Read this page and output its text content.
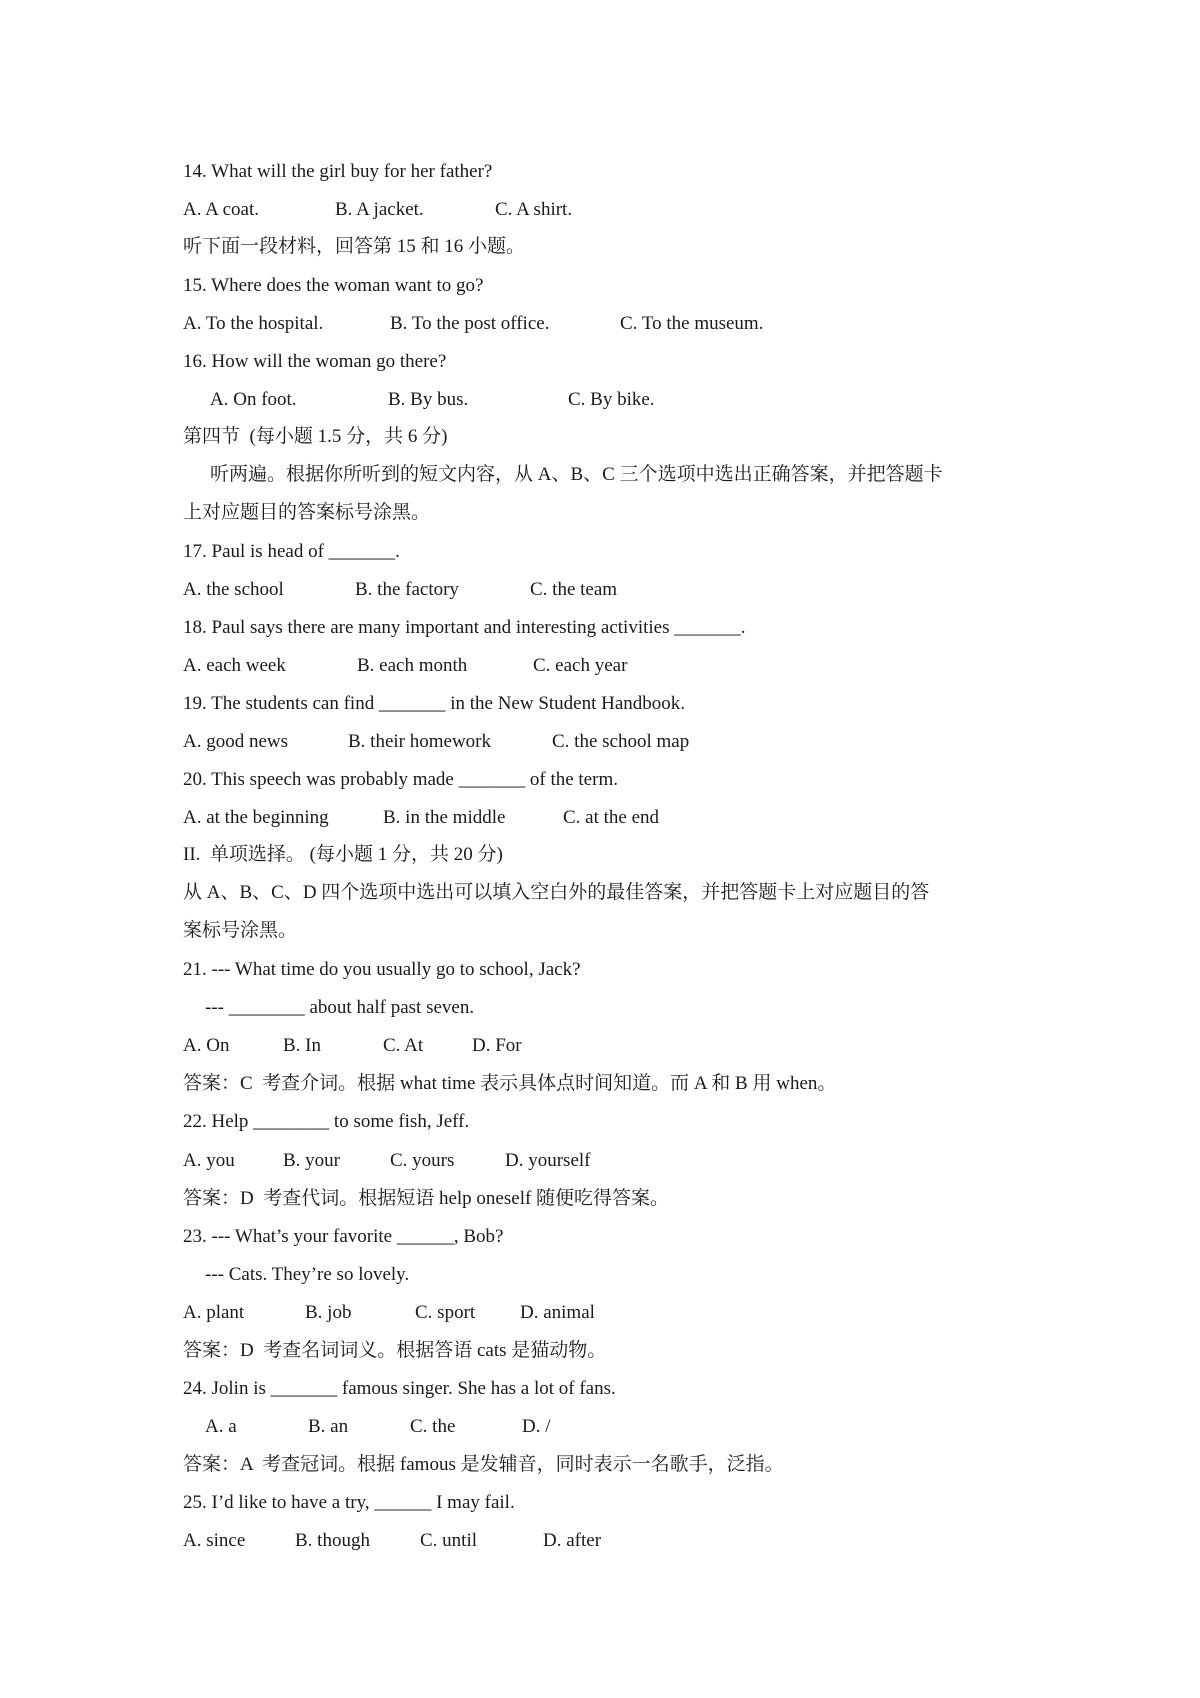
14. What will the girl buy for her father?
A. A coat.	B. A jacket.	C. A shirt.
听下面一段材料，回答第 15 和 16 小题。
15. Where does the woman want to go?
A. To the hospital.	B. To the post office.	C. To the museum.
16. How will the woman go there?
A. On foot.	B. By bus.	C. By bike.
第四节  (每小题 1.5 分，共 6 分)
听两遍。根据你所听到的短文内容，从 A、B、C 三个选项中选出正确答案，并把答题卡
上对应题目的答案标号涂黑。
17. Paul is head of _______.
A. the school	B. the factory	C. the team
18. Paul says there are many important and interesting activities _______.
A. each week	B. each month	C. each year
19. The students can find _______ in the New Student Handbook.
A. good news	B. their homework	C. the school map
20. This speech was probably made _______ of the term.
A. at the beginning	B. in the middle	C. at the end
II.  单项选择。 (每小题 1 分，共 20 分)
从 A、B、C、D 四个选项中选出可以填入空白外的最佳答案，并把答题卡上对应题目的答
案标号涂黑。
21. --- What time do you usually go to school, Jack?
--- ________ about half past seven.
A. On	B. In	C. At	D. For
答案：C  考查介词。根据 what time 表示具体点时间知道。而 A 和 B 用 when。
22. Help ________ to some fish, Jeff.
A. you	B. your	C. yours	D. yourself
答案：D  考查代词。根据短语 help oneself 随便吃得答案。
23. --- What’s your favorite ______, Bob?
--- Cats. They’re so lovely.
A. plant	B. job	C. sport D. animal
答案：D  考查名词词义。根据答语 cats 是猫动物。
24. Jolin is _______ famous singer. She has a lot of fans.
A. a	B. an	C. the	D. /
答案：A  考查冠词。根据 famous 是发辅音，同时表示一名歌手，泛指。
25. I’d like to have a try, ______ I may fail.
A. since	B. though	C. until	D. after
